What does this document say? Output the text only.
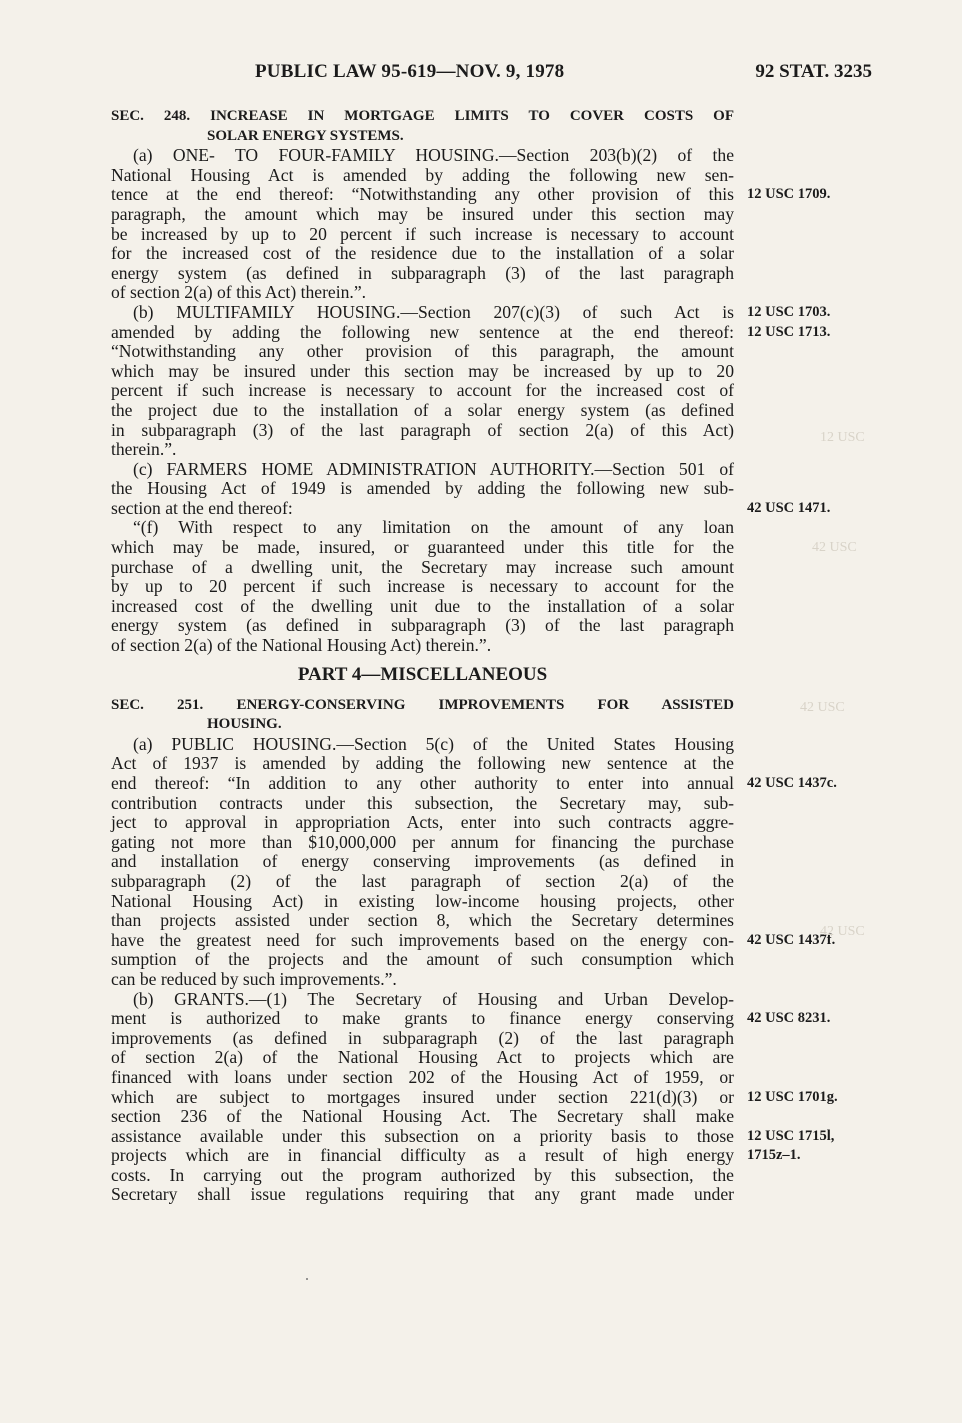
PUBLIC LAW 95-619—NOV. 9, 1978	92 STAT. 3235
SEC. 248. INCREASE IN MORTGAGE LIMITS TO COVER COSTS OF
SOLAR ENERGY SYSTEMS.
(a) ONE- TO FOUR-FAMILY HOUSING.—Section 203(b)(2) of the
National Housing Act is amended by adding the following new sen-
tence at the end thereof: “Notwithstanding any other provision of this
paragraph, the amount which may be insured under this section may
be increased by up to 20 percent if such increase is necessary to account
for the increased cost of the residence due to the installation of a solar
energy system (as defined in subparagraph (3) of the last paragraph
of section 2(a) of this Act) therein.”.
(b) MULTIFAMILY HOUSING.—Section 207(c)(3) of such Act is
amended by adding the following new sentence at the end thereof:
“Notwithstanding any other provision of this paragraph, the amount
which may be insured under this section may be increased by up to 20
percent if such increase is necessary to account for the increased cost of
the project due to the installation of a solar energy system (as defined
in subparagraph (3) of the last paragraph of section 2(a) of this Act)
therein.”.
(c) FARMERS HOME ADMINISTRATION AUTHORITY.—Section 501 of
the Housing Act of 1949 is amended by adding the following new sub-
section at the end thereof:
“(f) With respect to any limitation on the amount of any loan
which may be made, insured, or guaranteed under this title for the
purchase of a dwelling unit, the Secretary may increase such amount
by up to 20 percent if such increase is necessary to account for the
increased cost of the dwelling unit due to the installation of a solar
energy system (as defined in subparagraph (3) of the last paragraph
of section 2(a) of the National Housing Act) therein.”.
PART 4—MISCELLANEOUS
SEC. 251. ENERGY-CONSERVING IMPROVEMENTS FOR ASSISTED
HOUSING.
(a) PUBLIC HOUSING.—Section 5(c) of the United States Housing
Act of 1937 is amended by adding the following new sentence at the
end thereof: “In addition to any other authority to enter into annual
contribution contracts under this subsection, the Secretary may, sub-
ject to approval in appropriation Acts, enter into such contracts aggre-
gating not more than $10,000,000 per annum for financing the purchase
and installation of energy conserving improvements (as defined in
subparagraph (2) of the last paragraph of section 2(a) of the
National Housing Act) in existing low-income housing projects, other
than projects assisted under section 8, which the Secretary determines
have the greatest need for such improvements based on the energy con-
sumption of the projects and the amount of such consumption which
can be reduced by such improvements.”.
(b) GRANTS.—(1) The Secretary of Housing and Urban Develop-
ment is authorized to make grants to finance energy conserving
improvements (as defined in subparagraph (2) of the last paragraph
of section 2(a) of the National Housing Act to projects which are
financed with loans under section 202 of the Housing Act of 1959, or
which are subject to mortgages insured under section 221(d)(3) or
section 236 of the National Housing Act. The Secretary shall make
assistance available under this subsection on a priority basis to those
projects which are in financial difficulty as a result of high energy
costs. In carrying out the program authorized by this subsection, the
Secretary shall issue regulations requiring that any grant made under
12 USC 1709.
12 USC 1703.
12 USC 1713.
42 USC 1471.
42 USC 1437c.
42 USC 1437f.
42 USC 8231.
12 USC 1701g.
12 USC 1715l,
1715z–1.
12 USC
42 USC
42 USC
42 USC
